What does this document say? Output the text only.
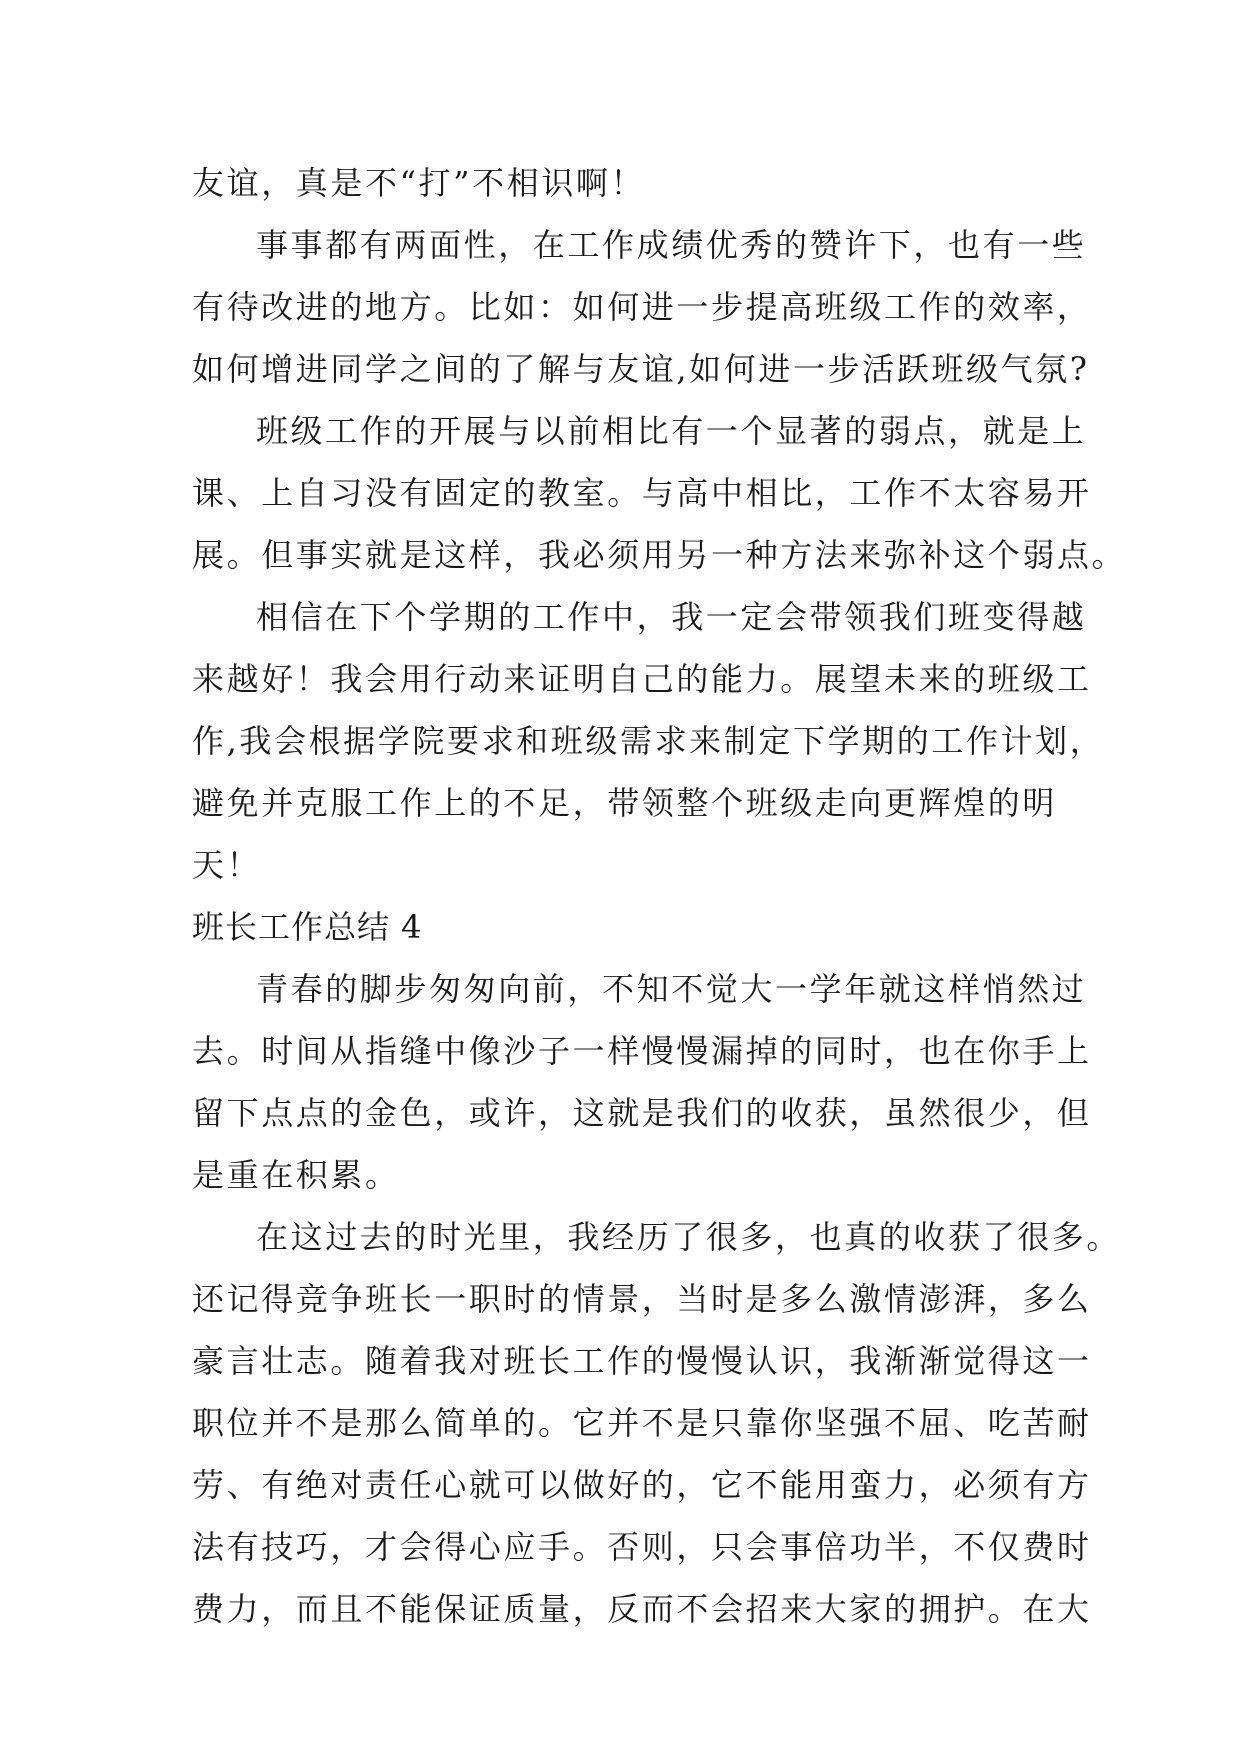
友谊，真是不“打”不相识啊！

事事都有两面性，在工作成绩优秀的赞许下，也有一些

有待改进的地方。比如：如何进一步提高班级工作的效率，

如何增进同学之间的了解与友谊,如何进一步活跃班级气氛?

班级工作的开展与以前相比有一个显著的弱点，就是上

课、上自习没有固定的教室。与高中相比，工作不太容易开

展。但事实就是这样，我必须用另一种方法来弥补这个弱点。

相信在下个学期的工作中，我一定会带领我们班变得越

来越好！我会用行动来证明自己的能力。展望未来的班级工

作,我会根据学院要求和班级需求来制定下学期的工作计划，

避免并克服工作上的不足，带领整个班级走向更辉煌的明

天！

班长工作总结 4

青春的脚步匆匆向前，不知不觉大一学年就这样悄然过

去。时间从指缝中像沙子一样慢慢漏掉的同时，也在你手上

留下点点的金色，或许，这就是我们的收获，虽然很少，但

是重在积累。

在这过去的时光里，我经历了很多，也真的收获了很多。

还记得竞争班长一职时的情景，当时是多么激情澎湃，多么

豪言壮志。随着我对班长工作的慢慢认识，我渐渐觉得这一

职位并不是那么简单的。它并不是只靠你坚强不屈、吃苦耐

劳、有绝对责任心就可以做好的，它不能用蛮力，必须有方

法有技巧，才会得心应手。否则，只会事倍功半，不仅费时

费力，而且不能保证质量，反而不会招来大家的拥护。在大
